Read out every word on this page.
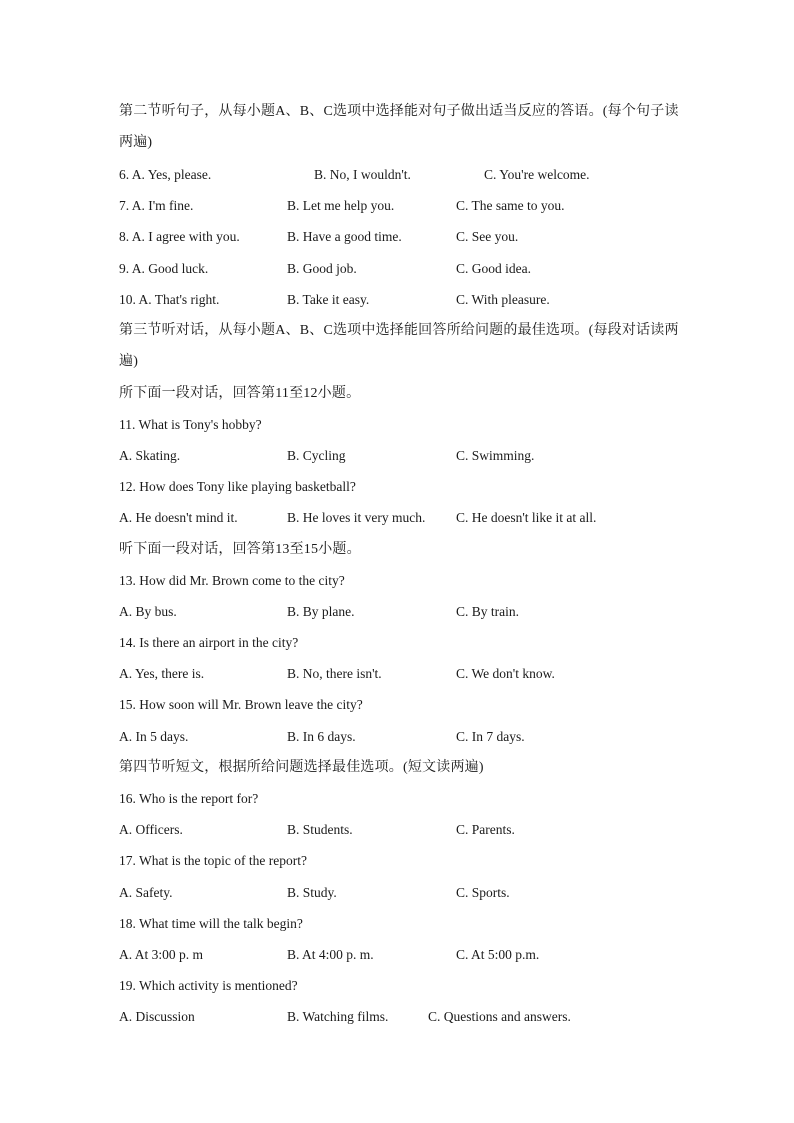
第二节听句子，从每小题A、B、C选项中选择能对句子做出适当反应的答语。(每个句子读
两遍)
6. A. Yes, please.	B. No, I wouldn't.	C. You're welcome.
7. A. I'm fine.	B. Let me help you.	C. The same to you.
8. A. I agree with you.	B. Have a good time.	C. See you.
9. A. Good luck.	B. Good job.	C. Good idea.
10. A. That's right.	B. Take it easy.	C. With pleasure.
第三节听对话，从每小题A、B、C选项中选择能回答所给问题的最佳选项。(每段对话读两
遍)
所下面一段对话，回答第11至12小题。
11. What is Tony's hobby?
A. Skating.	B. Cycling	C. Swimming.
12. How does Tony like playing basketball?
A. He doesn't mind it.	B. He loves it very much. C. He doesn't like it at all.
听下面一段对话，回答第13至15小题。
13. How did Mr. Brown come to the city?
A. By bus.	B. By plane.	C. By train.
14. Is there an airport in the city?
A. Yes, there is.	B. No, there isn't.	C. We don't know.
15. How soon will Mr. Brown leave the city?
A. In 5 days.	B. In 6 days.	C. In 7 days.
第四节听短文，根据所给问题选择最佳选项。(短文读两遍)
16. Who is the report for?
A. Officers.	B. Students.	C. Parents.
17. What is the topic of the report?
A. Safety.	B. Study.	C. Sports.
18. What time will the talk begin?
A. At 3:00 p. m	B. At 4:00 p. m.	C. At 5:00 p.m.
19. Which activity is mentioned?
A. Discussion	B. Watching films.	C. Questions and answers.
